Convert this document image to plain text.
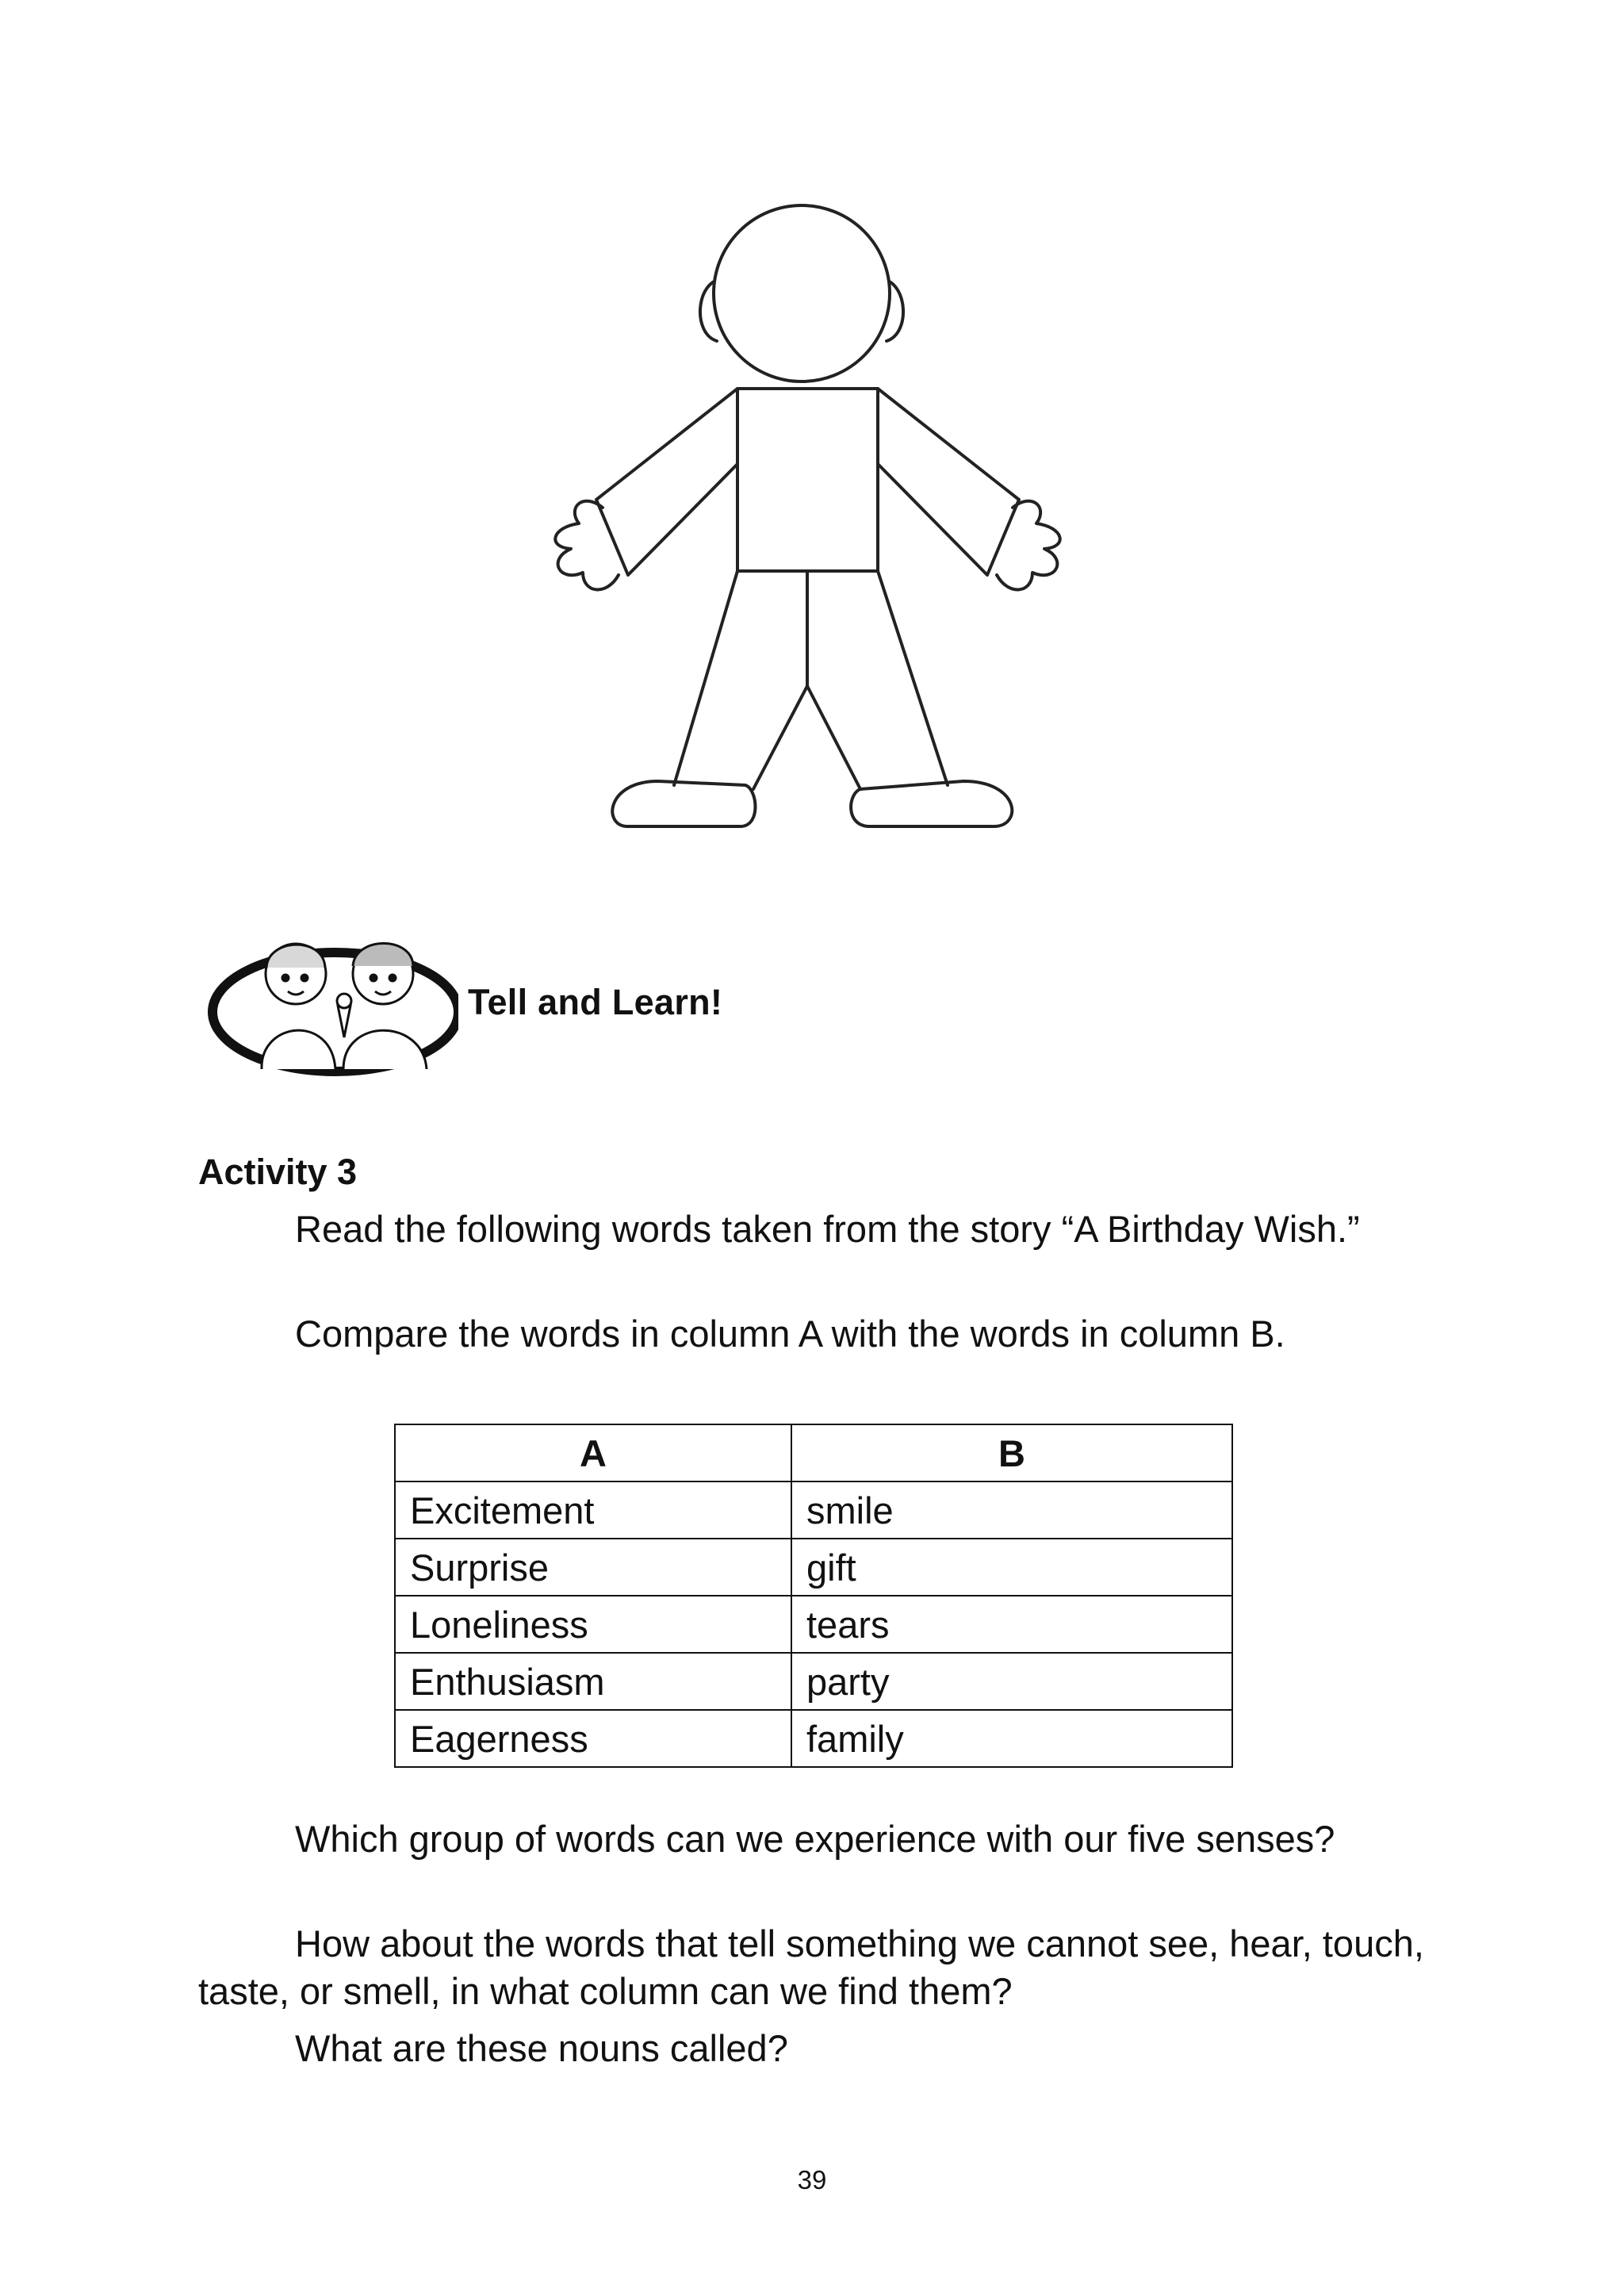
Tell and Learn!
Activity 3
Read the following words taken from the story “A Birthday Wish.”
Compare the words in column A with the words in column B.
A	B
Excitement	smile
Surprise	gift
Loneliness	tears
Enthusiasm	party
Eagerness	family
Which group of words can we experience with our five senses?
How about the words that tell something we cannot see, hear, touch, taste, or smell, in what column can we find them?
What are these nouns called?
39
